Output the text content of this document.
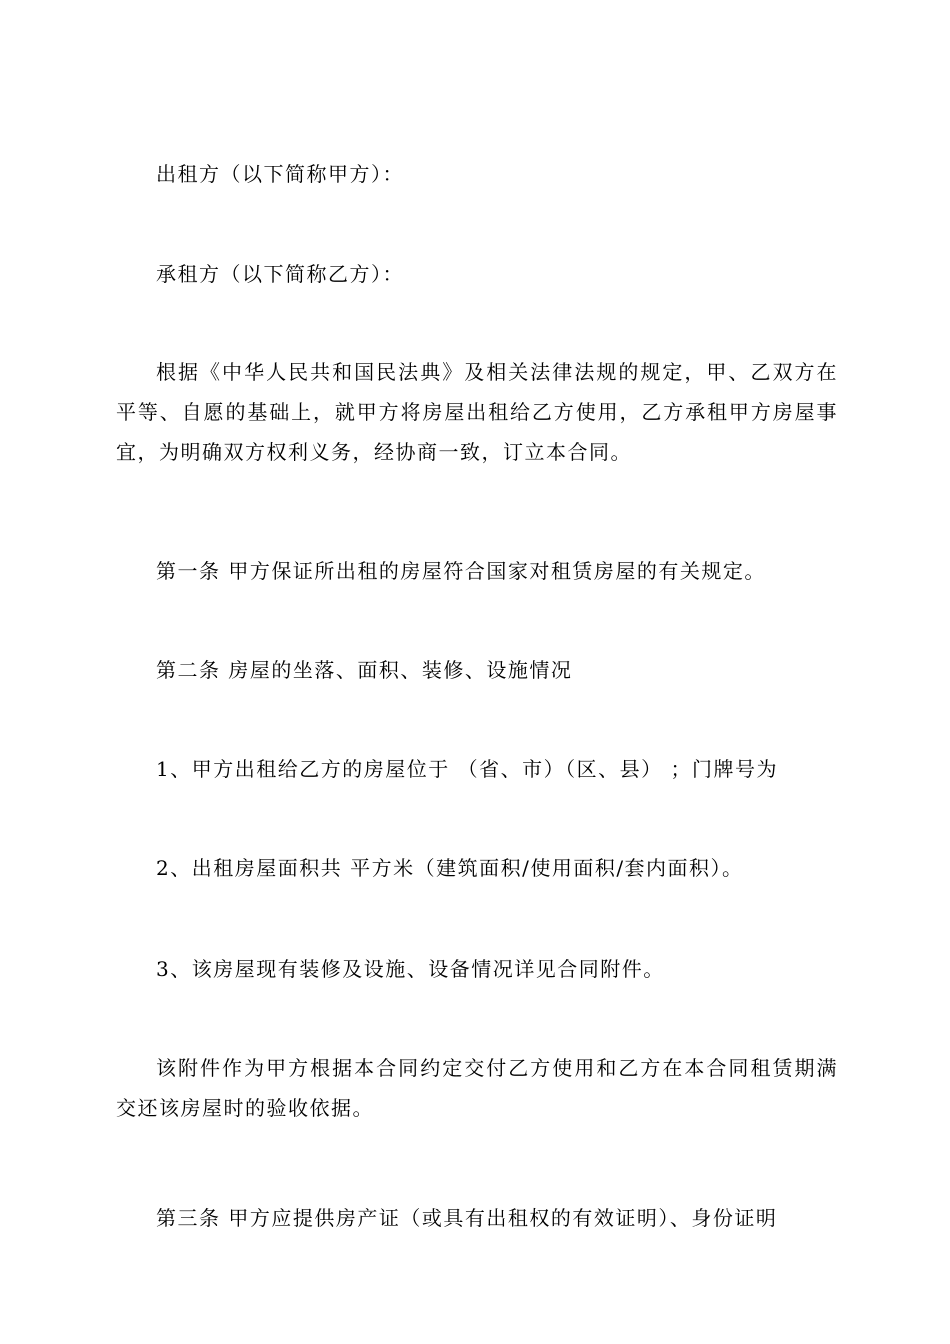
出租方（以下简称甲方）：

承租方（以下简称乙方）：

根据《中华人民共和国民法典》及相关法律法规的规定，甲、乙双方在平等、自愿的基础上，就甲方将房屋出租给乙方使用，乙方承租甲方房屋事宜，为明确双方权利义务，经协商一致，订立本合同。

第一条 甲方保证所出租的房屋符合国家对租赁房屋的有关规定。

第二条 房屋的坐落、面积、装修、设施情况

1、甲方出租给乙方的房屋位于 （省、市）（区、县） ；门牌号为

2、出租房屋面积共 平方米（建筑面积/使用面积/套内面积）。

3、该房屋现有装修及设施、设备情况详见合同附件。

该附件作为甲方根据本合同约定交付乙方使用和乙方在本合同租赁期满交还该房屋时的验收依据。

第三条 甲方应提供房产证（或具有出租权的有效证明）、身份证明
